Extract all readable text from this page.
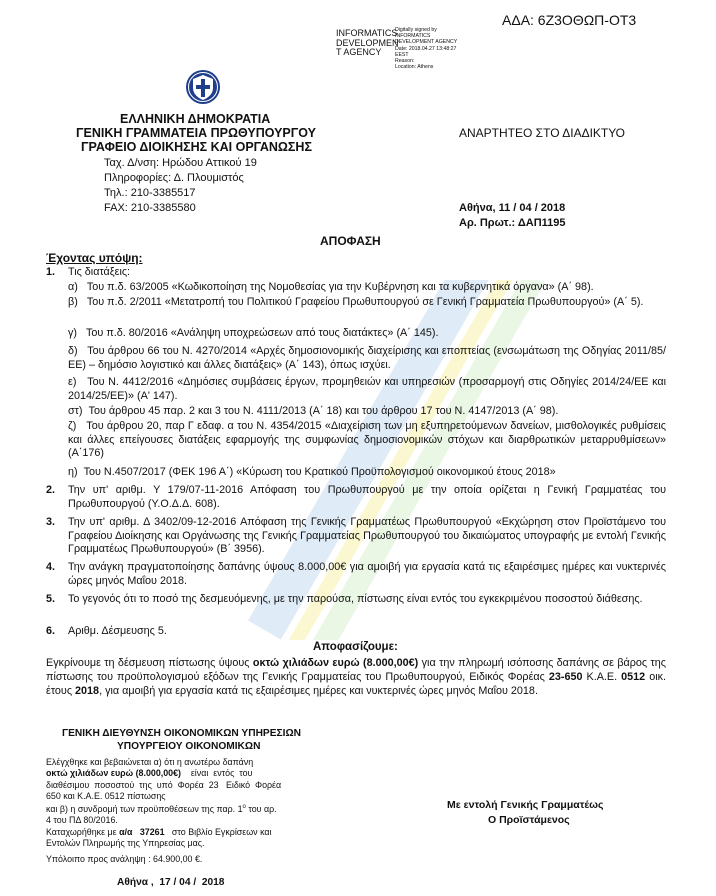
ΑΔΑ: 6Ζ3ΟΘΩΠ-ΟΤ3
INFORMATICS
DEVELOPMEN
T AGENCY
Digitally signed by
INFORMATICS
DEVELOPMENT AGENCY
Date: 2018.04.27 13:48:27
EEST
Reason:
Location: Athens
ΕΛΛΗΝΙΚΗ ΔΗΜΟΚΡΑΤΙΑ
ΓΕΝΙΚΗ ΓΡΑΜΜΑΤΕΙΑ ΠΡΩΘΥΠΟΥΡΓΟΥ
ΓΡΑΦΕΙΟ ΔΙΟΙΚΗΣΗΣ ΚΑΙ ΟΡΓΑΝΩΣΗΣ
ΑΝΑΡΤΗΤΕΟ ΣΤΟ ΔΙΑΔΙΚΤΥΟ
Ταχ. Δ/νση: Ηρώδου Αττικού 19
Πληροφορίες: Δ. Πλουμιστός
Τηλ.: 210-3385517
FAX: 210-3385580	Αθήνα, 11 / 04 / 2018
Αρ. Πρωτ.: ΔΑΠ1195
ΑΠΟΦΑΣΗ
Έχοντας υπόψη:
1. Τις διατάξεις:
α) Του π.δ. 63/2005 «Κωδικοποίηση της Νομοθεσίας για την Κυβέρνηση και τα κυβερνητικά όργανα» (Α΄ 98).
β) Του π.δ. 2/2011 «Μετατροπή του Πολιτικού Γραφείου Πρωθυπουργού σε Γενική Γραμματεία Πρωθυπουργού» (Α΄ 5).
γ) Του π.δ. 80/2016 «Ανάληψη υποχρεώσεων από τους διατάκτες» (Α΄ 145).
δ) Του άρθρου 66 του Ν. 4270/2014 «Αρχές δημοσιονομικής διαχείρισης και εποπτείας (ενσωμάτωση της Οδηγίας 2011/85/ΕΕ) – δημόσιο λογιστικό και άλλες διατάξεις» (Α΄ 143), όπως ισχύει.
ε) Του Ν. 4412/2016 «Δημόσιες συμβάσεις έργων, προμηθειών και υπηρεσιών (προσαρμογή στις Οδηγίες 2014/24/ΕΕ και 2014/25/ΕΕ)» (Α' 147).
στ) Του άρθρου 45 παρ. 2 και 3 του Ν. 4111/2013 (Α΄ 18) και του άρθρου 17 του Ν. 4147/2013 (Α΄ 98).
ζ) Του άρθρου 20, παρ Γ εδαφ. α του Ν. 4354/2015 «Διαχείριση των μη εξυπηρετούμενων δανείων, μισθολογικές ρυθμίσεις και άλλες επείγουσες διατάξεις εφαρμογής της συμφωνίας δημοσιονομικών στόχων και διαρθρωτικών μεταρρυθμίσεων» (Α΄176)
η) Του Ν.4507/2017 (ΦΕΚ 196 Α΄) «Κύρωση του Κρατικού Προϋπολογισμού οικονομικού έτους 2018»
2. Την υπ' αριθμ. Υ 179/07-11-2016 Απόφαση του Πρωθυπουργού με την οποία ορίζεται η Γενική Γραμματέας του Πρωθυπουργού (Υ.Ο.Δ.Δ. 608).
3. Την υπ' αριθμ. Δ 3402/09-12-2016 Απόφαση της Γενικής Γραμματέως Πρωθυπουργού «Εκχώρηση στον Προϊστάμενο του Γραφείου Διοίκησης και Οργάνωσης της Γενικής Γραμματείας Πρωθυπουργού του δικαιώματος υπογραφής με εντολή Γενικής Γραμματέως Πρωθυπουργού» (Β΄ 3956).
4. Την ανάγκη πραγματοποίησης δαπάνης ύψους 8.000,00€ για αμοιβή για εργασία κατά τις εξαιρέσιμες ημέρες και νυκτερινές ώρες μηνός Μαΐου 2018.
5. Το γεγονός ότι το ποσό της δεσμευόμενης, με την παρούσα, πίστωσης είναι εντός του εγκεκριμένου ποσοστού διάθεσης.
6. Αριθμ. Δέσμευσης 5.
Αποφασίζουμε:
Εγκρίνουμε τη δέσμευση πίστωσης ύψους οκτώ χιλιάδων ευρώ (8.000,00€) για την πληρωμή ισόποσης δαπάνης σε βάρος της πίστωσης του προϋπολογισμού εξόδων της Γενικής Γραμματείας του Πρωθυπουργού, Ειδικός Φορέας 23-650 Κ.Α.Ε. 0512 οικ. έτους 2018, για αμοιβή για εργασία κατά τις εξαιρέσιμες ημέρες και νυκτερινές ώρες μηνός Μαΐου 2018.
ΓΕΝΙΚΗ ΔΙΕΥΘΥΝΣΗ ΟΙΚΟΝΟΜΙΚΩΝ ΥΠΗΡΕΣΙΩΝ
ΥΠΟΥΡΓΕΙΟΥ ΟΙΚΟΝΟΜΙΚΩΝ
Ελέγχθηκε και βεβαιώνεται α) ότι η ανωτέρω δαπάνη
οκτώ χιλιάδων ευρώ (8.000,00€)    είναι  εντός  του
διαθέσιμου  ποσοστού  της  υπό  Φορέα  23   Ειδικό  Φορέα
650 και Κ.Α.Ε. 0512 πίστωσης
και β) η συνδρομή των προϋποθέσεων της παρ. $1^o$ του αρ.
4 του ΠΔ 80/2016.
Καταχωρήθηκε με α/α   37261   στο Βιβλίο Εγκρίσεων και
Εντολών Πληρωμής της Υπηρεσίας μας.
Υπόλοιπο προς ανάληψη : 64.900,00 €.
Αθήνα ,  17 / 04 /  2018
Με εντολή Γενικής Γραμματέως
Ο Προϊστάμενος
